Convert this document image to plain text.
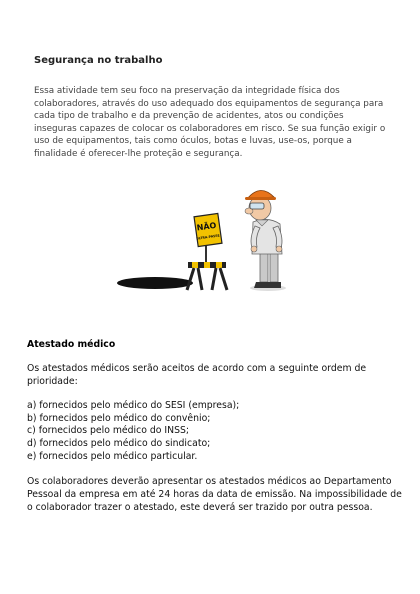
Segurança no trabalho

Essa atividade tem seu foco na preservação da integridade física dos colaboradores, através do uso adequado dos equipamentos de segurança para cada tipo de trabalho e da prevenção de acidentes, atos ou condições inseguras capazes de colocar os colaboradores em risco. Se sua função exigir o uso de equipamentos, tais como óculos, botas e luvas, use-os, porque a finalidade é oferecer-lhe proteção e segurança.

NÃO
ULTRA-PASSE
Atestado médico

Os atestados médicos serão aceitos de acordo com a seguinte ordem de prioridade:

a) fornecidos pelo médico do SESI (empresa);
b) fornecidos pelo médico do convênio;
c) fornecidos pelo médico do INSS;
d) fornecidos pelo médico do sindicato;
e) fornecidos pelo médico particular.

Os colaboradores deverão apresentar os atestados médicos ao Departamento Pessoal da empresa em até 24 horas da data de emissão. Na impossibilidade de o colaborador trazer o atestado, este deverá ser trazido por outra pessoa.
